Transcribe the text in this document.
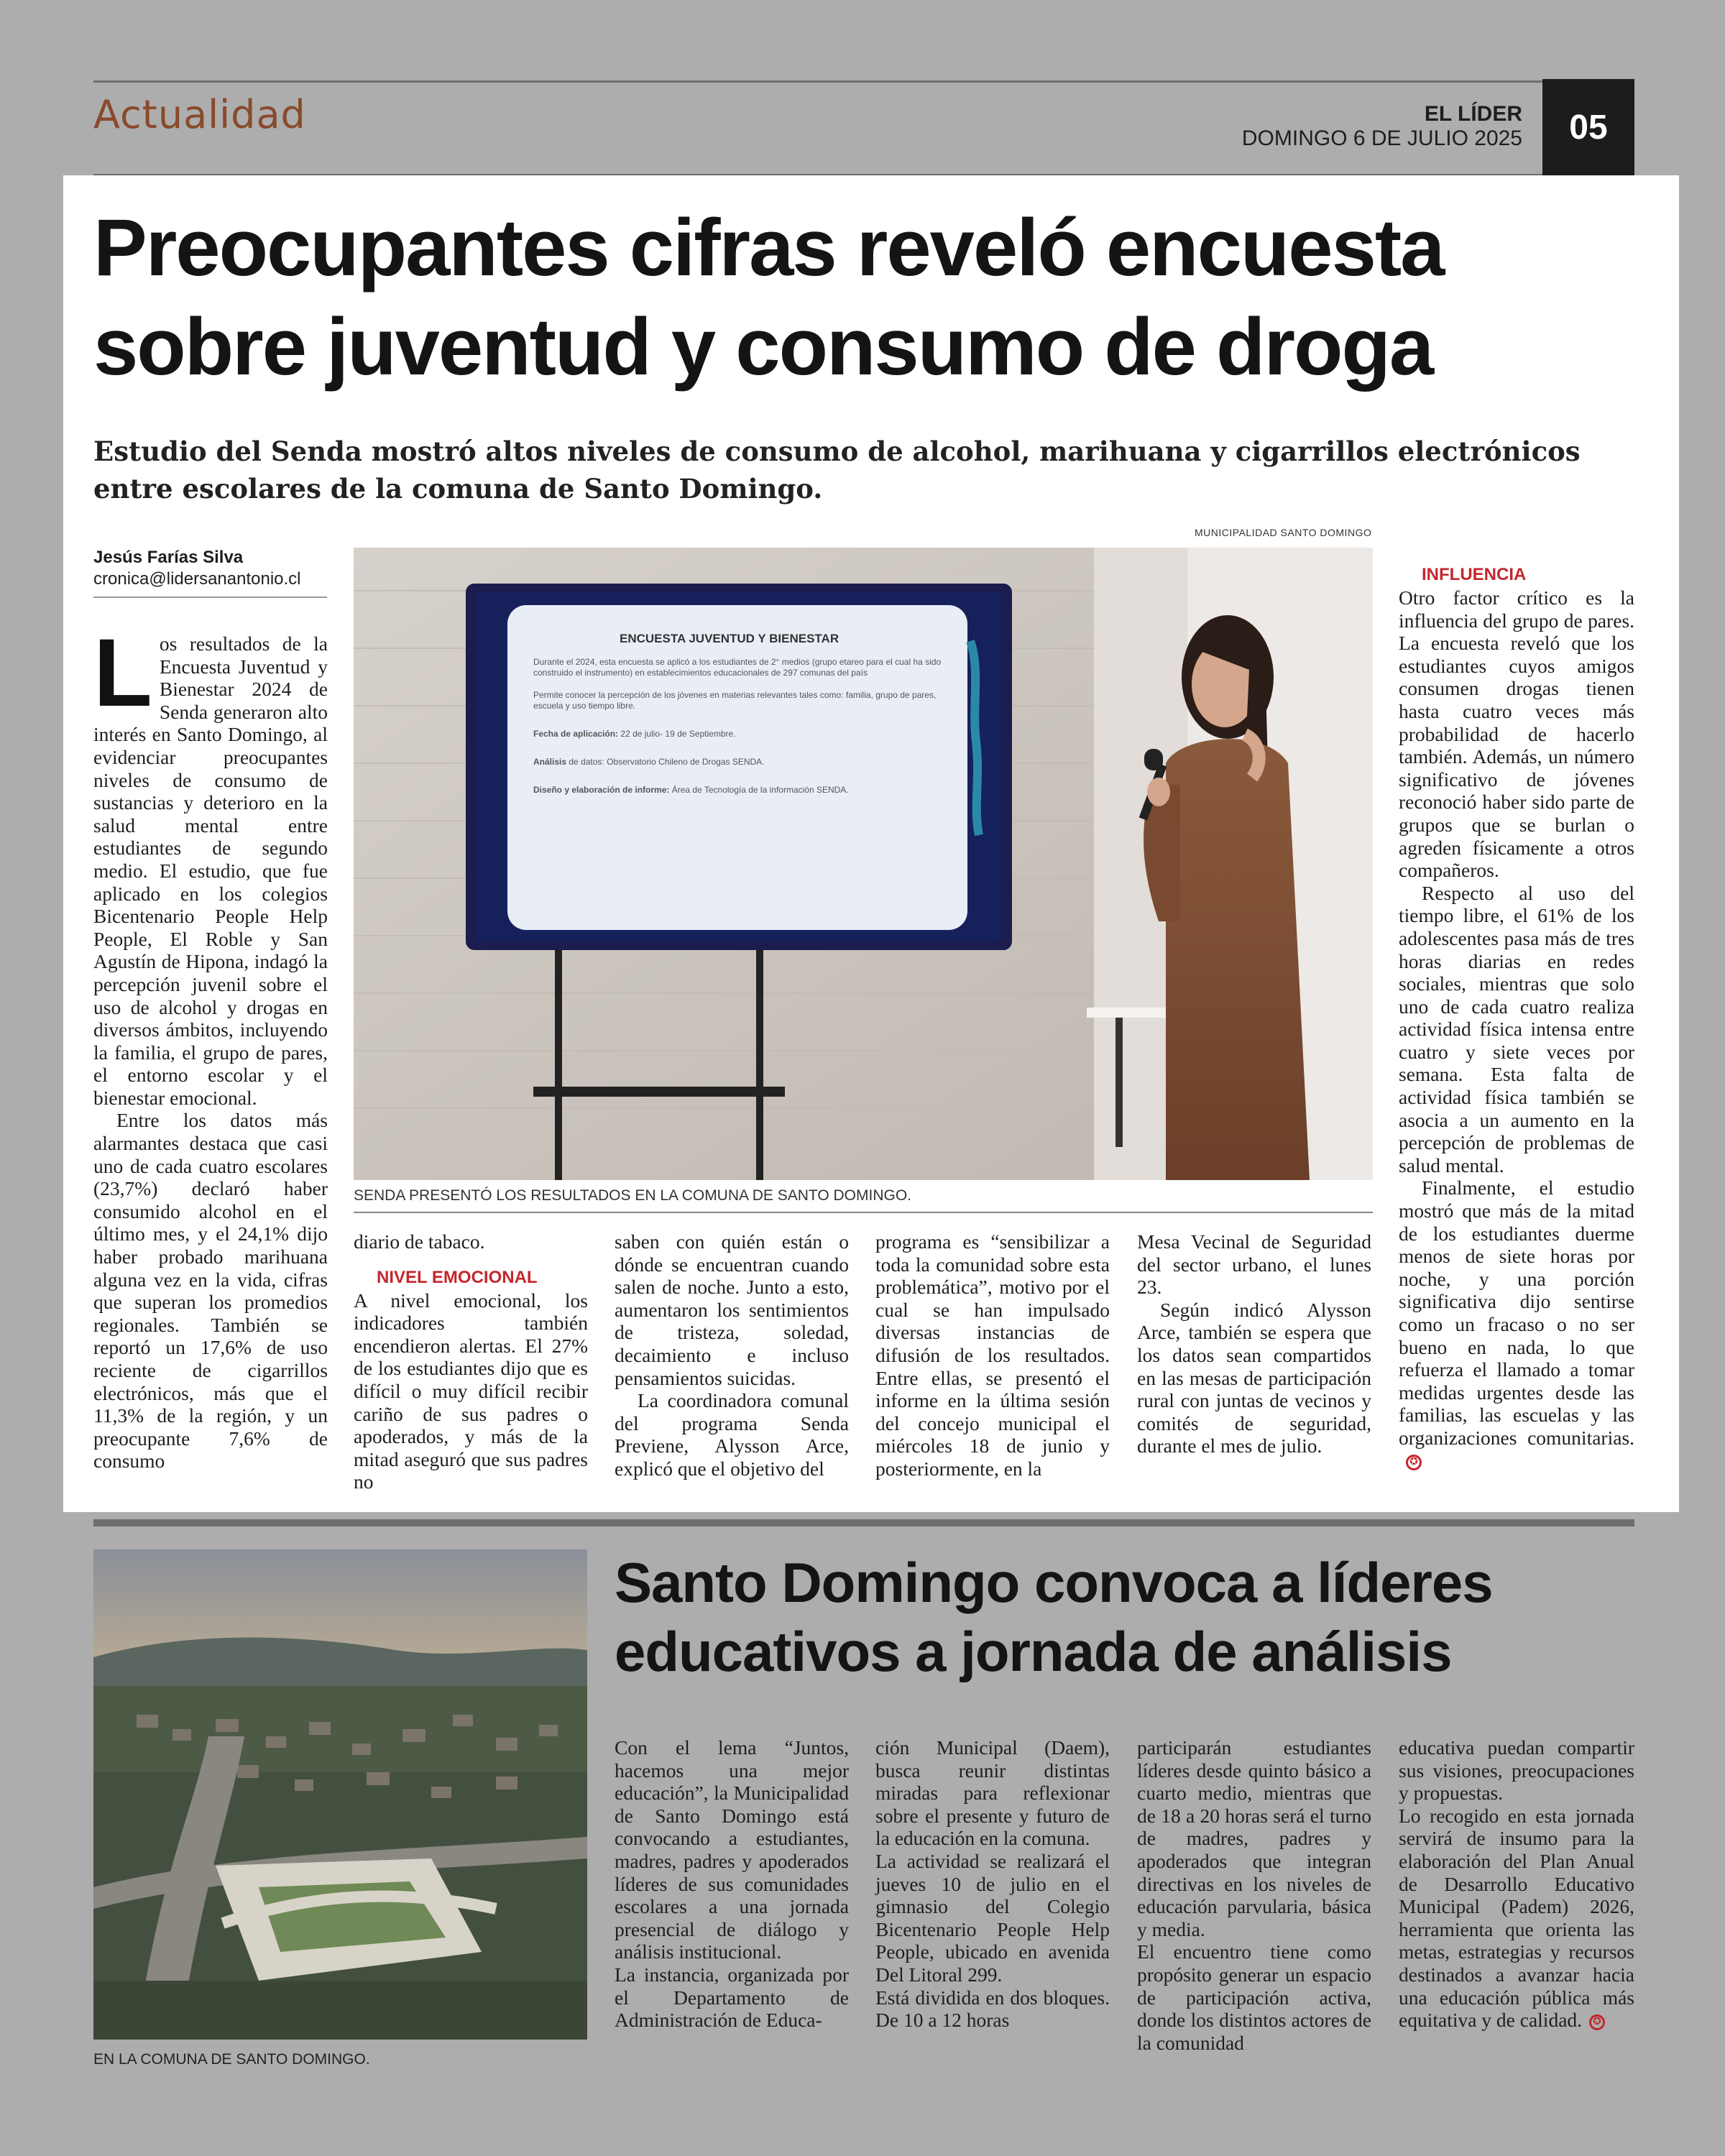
Actualidad	EL LÍDER
DOMINGO 6 DE JULIO 2025	05
Preocupantes cifras reveló encuesta sobre juventud y consumo de droga
Estudio del Senda mostró altos niveles de consumo de alcohol, marihuana y cigarrillos electrónicos entre escolares de la comuna de Santo Domingo.
Jesús Farías Silva
cronica@lidersanantonio.cl
MUNICIPALIDAD SANTO DOMINGO
ENCUESTA JUVENTUD Y BIENESTAR
Durante el 2024, esta encuesta se aplicó a los estudiantes de 2° medios (grupo etareo para el cual ha sido construido el instrumento) en establecimientos educacionales de 297 comunas del país
Permite conocer la percepción de los jóvenes en materias relevantes tales como: familia, grupo de pares, escuela y uso tiempo libre.
Fecha de aplicación: 22 de julio- 19 de Septiembre.
Análisis de datos: Observatorio Chileno de Drogas SENDA.
Diseño y elaboración de informe: Área de Tecnología de la información SENDA.
SENDA PRESENTÓ LOS RESULTADOS EN LA COMUNA DE SANTO DOMINGO.

Los resultados de la Encuesta Juventud y Bienestar 2024 de Senda generaron alto interés en Santo Domingo, al evidenciar preocupantes niveles de consumo de sustancias y deterioro en la salud mental entre estudiantes de segundo medio. El estudio, que fue aplicado en los colegios Bicentenario People Help People, El Roble y San Agustín de Hipona, indagó la percepción juvenil sobre el uso de alcohol y drogas en diversos ámbitos, incluyendo la familia, el grupo de pares, el entorno escolar y el bienestar emocional.

Entre los datos más alarmantes destaca que casi uno de cada cuatro escolares (23,7%) declaró haber consumido alcohol en el último mes, y el 24,1% dijo haber probado marihuana alguna vez en la vida, cifras que superan los promedios regionales. También se reportó un 17,6% de uso reciente de cigarrillos electrónicos, más que el 11,3% de la región, y un preocupante 7,6% de consumo

diario de tabaco.

NIVEL EMOCIONAL

A nivel emocional, los indicadores también encendieron alertas. El 27% de los estudiantes dijo que es difícil o muy difícil recibir cariño de sus padres o apoderados, y más de la mitad aseguró que sus padres no

saben con quién están o dónde se encuentran cuando salen de noche. Junto a esto, aumentaron los sentimientos de tristeza, soledad, decaimiento e incluso pensamientos suicidas.

La coordinadora comunal del programa Senda Previene, Alysson Arce, explicó que el objetivo del

programa es “sensibilizar a toda la comunidad sobre esta problemática”, motivo por el cual se han impulsado diversas instancias de difusión de los resultados. Entre ellas, se presentó el informe en la última sesión del concejo municipal el miércoles 18 de junio y posteriormente, en la

Mesa Vecinal de Seguridad del sector urbano, el lunes 23.

Según indicó Alysson Arce, también se espera que los datos sean compartidos en las mesas de participación rural con juntas de vecinos y comités de seguridad, durante el mes de julio.

INFLUENCIA

Otro factor crítico es la influencia del grupo de pares. La encuesta reveló que los estudiantes cuyos amigos consumen drogas tienen hasta cuatro veces más probabilidad de hacerlo también. Además, un número significativo de jóvenes reconoció haber sido parte de grupos que se burlan o agreden físicamente a otros compañeros.

Respecto al uso del tiempo libre, el 61% de los adolescentes pasa más de tres horas diarias en redes sociales, mientras que solo uno de cada cuatro realiza actividad física intensa entre cuatro y siete veces por semana. Esta falta de actividad física también se asocia a un aumento en la percepción de problemas de salud mental.

Finalmente, el estudio mostró que más de la mitad de los estudiantes duerme menos de siete horas por noche, y una porción significativa dijo sentirse como un fracaso o no ser bueno en nada, lo que refuerza el llamado a tomar medidas urgentes desde las familias, las escuelas y las organizaciones comunitarias.✪

EN LA COMUNA DE SANTO DOMINGO.
Santo Domingo convoca a líderes educativos a jornada de análisis

Con el lema “Juntos, hacemos una mejor educación”, la Municipalidad de Santo Domingo está convocando a estudiantes, madres, padres y apoderados líderes de sus comunidades escolares a una jornada presencial de diálogo y análisis institucional.

La instancia, organizada por el Departamento de Administración de Educa-

ción Municipal (Daem), busca reunir distintas miradas para reflexionar sobre el presente y futuro de la educación en la comuna.

La actividad se realizará el jueves 10 de julio en el gimnasio del Colegio Bicentenario People Help People, ubicado en avenida Del Litoral 299.

Está dividida en dos bloques. De 10 a 12 horas

participarán estudiantes líderes desde quinto básico a cuarto medio, mientras que de 18 a 20 horas será el turno de madres, padres y apoderados que integran directivas en los niveles de educación parvularia, básica y media.

El encuentro tiene como propósito generar un espacio de participación activa, donde los distintos actores de la comunidad

educativa puedan compartir sus visiones, preocupaciones y propuestas.

Lo recogido en esta jornada servirá de insumo para la elaboración del Plan Anual de Desarrollo Educativo Municipal (Padem) 2026, herramienta que orienta las metas, estrategias y recursos destinados a avanzar hacia una educación pública más equitativa y de calidad. ✪
